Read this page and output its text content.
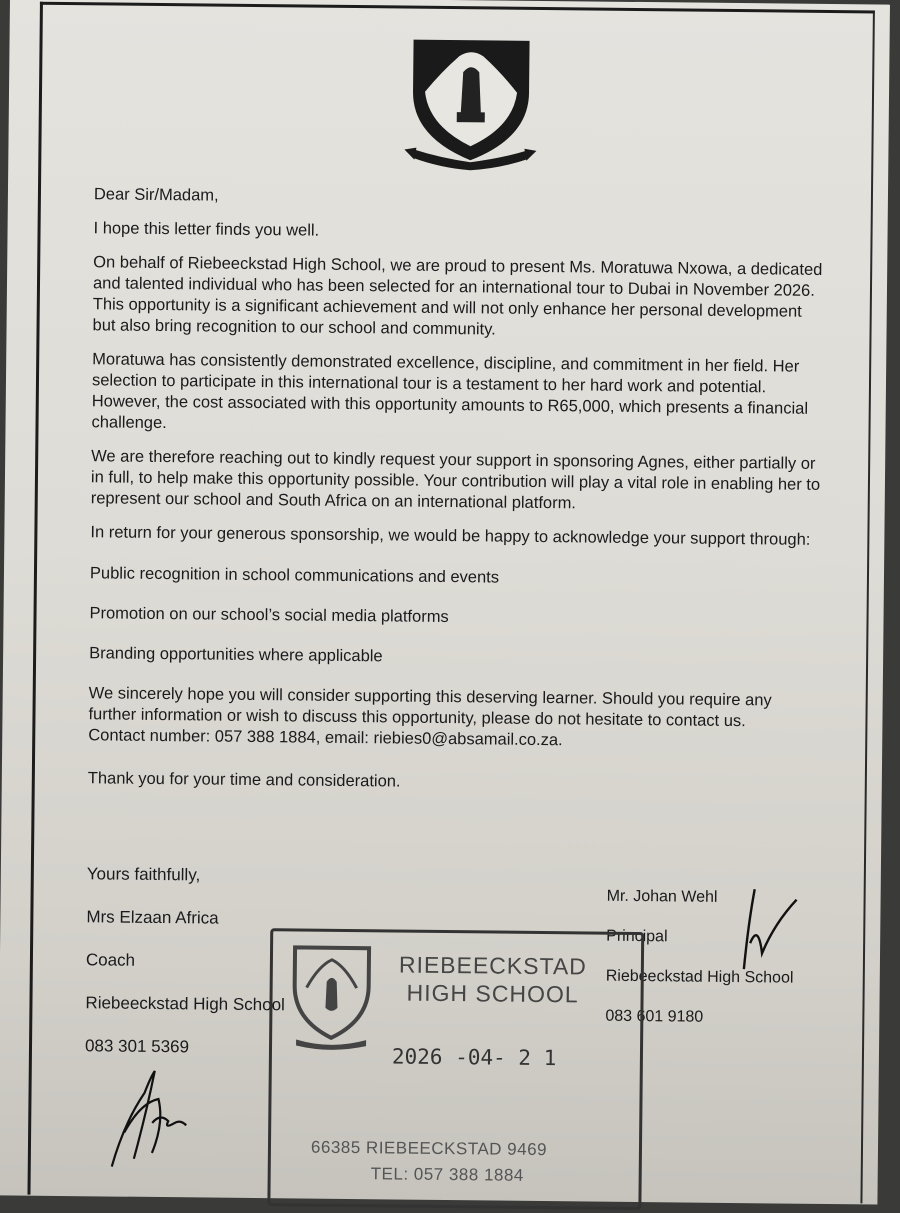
Dear Sir/Madam,

I hope this letter finds you well.

On behalf of Riebeeckstad High School, we are proud to present Ms. Moratuwa Nxowa, a dedicated and talented individual who has been selected for an international tour to Dubai in November 2026. This opportunity is a significant achievement and will not only enhance her personal development but also bring recognition to our school and community.

Moratuwa has consistently demonstrated excellence, discipline, and commitment in her field. Her selection to participate in this international tour is a testament to her hard work and potential. However, the cost associated with this opportunity amounts to R65,000, which presents a financial challenge.

We are therefore reaching out to kindly request your support in sponsoring Agnes, either partially or in full, to help make this opportunity possible. Your contribution will play a vital role in enabling her to represent our school and South Africa on an international platform.

In return for your generous sponsorship, we would be happy to acknowledge your support through:

Public recognition in school communications and events

Promotion on our school’s social media platforms

Branding opportunities where applicable

We sincerely hope you will consider supporting this deserving learner. Should you require any further information or wish to discuss this opportunity, please do not hesitate to contact us.

Contact number: 057 388 1884, email: riebies0@absamail.co.za.

Thank you for your time and consideration.

Yours faithfully,
Mrs Elzaan Africa
Coach
Riebeeckstad High School
083 301 5369
Mr. Johan Wehl
Principal
Riebeeckstad High School
083 601 9180
RIEBEECKSTAD
HIGH SCHOOL
2026 -04- 2 1
66385 RIEBEECKSTAD 9469
TEL: 057 388 1884
